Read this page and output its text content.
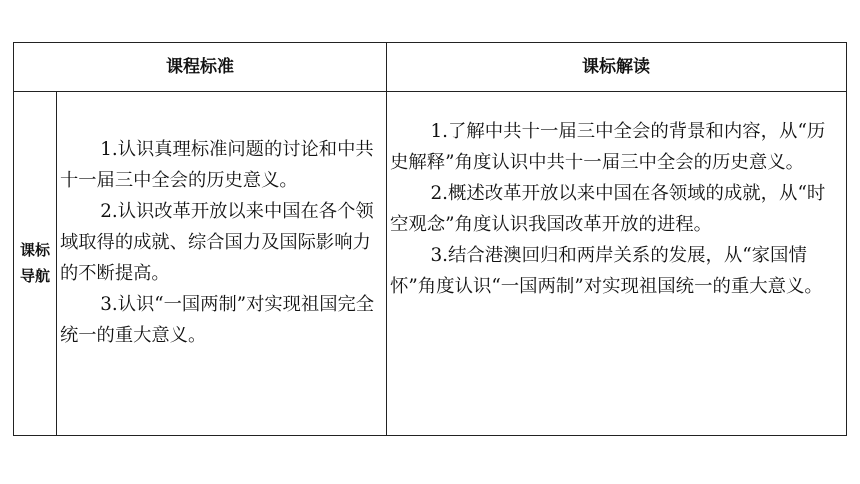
课程标准	课标解读
课标
导航

1.认识真理标准问题的讨论和中共十一届三中全会的历史意义。

2.认识改革开放以来中国在各个领域取得的成就、综合国力及国际影响力的不断提高。

3.认识“一国两制”对实现祖国完全统一的重大意义。

1.了解中共十一届三中全会的背景和内容，从“历史解释”角度认识中共十一届三中全会的历史意义。

2.概述改革开放以来中国在各领域的成就，从“时空观念”角度认识我国改革开放的进程。

3.结合港澳回归和两岸关系的发展，从“家国情怀”角度认识“一国两制”对实现祖国统一的重大意义。
